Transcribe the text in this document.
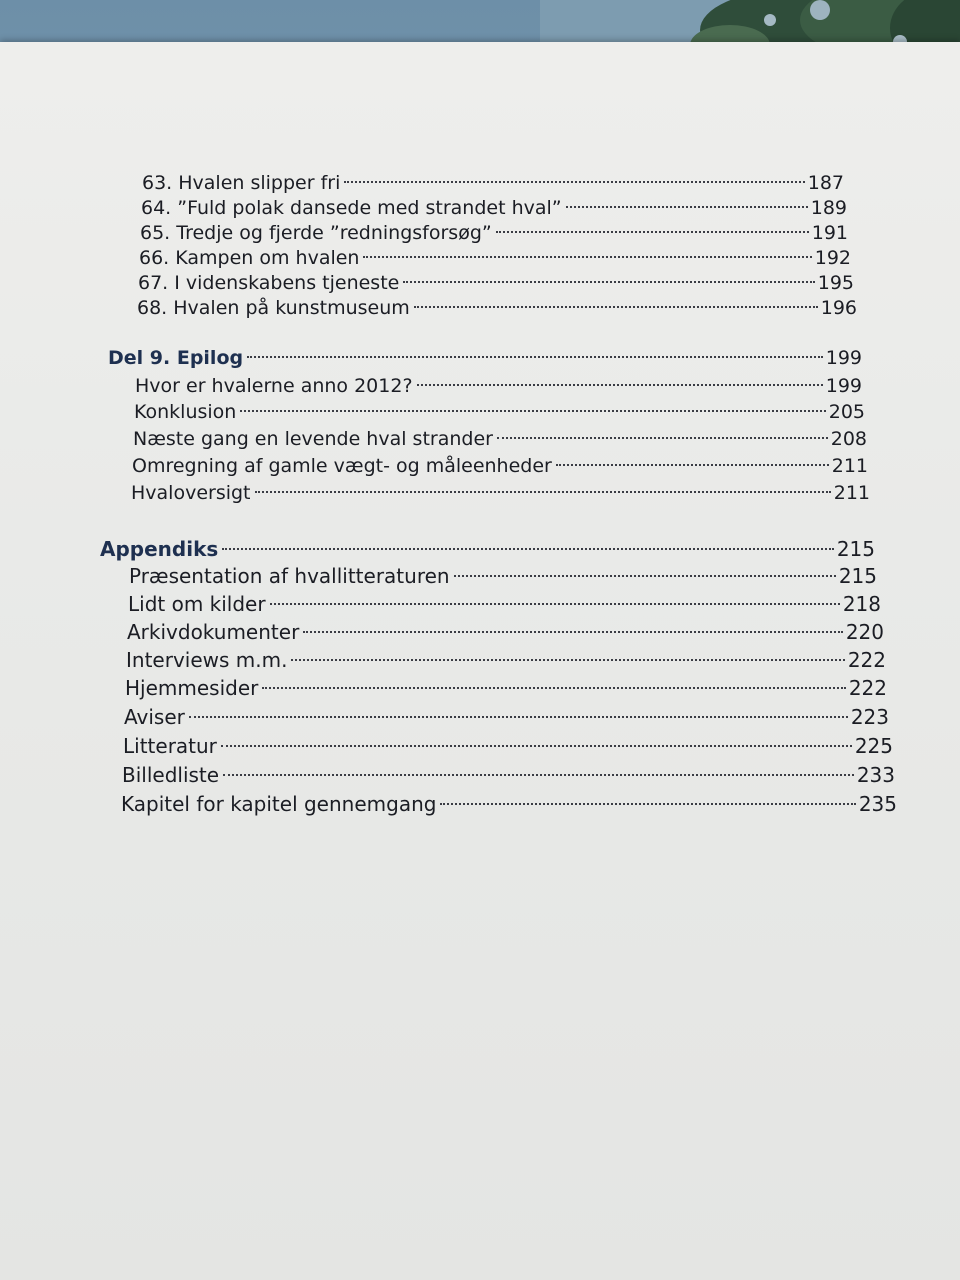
63. Hvalen slipper fri	187
64. ”Fuld polak dansede med strandet hval”	189
65. Tredje og fjerde ”redningsforsøg”	191
66. Kampen om hvalen	192
67. I videnskabens tjeneste	195
68. Hvalen på kunstmuseum	196
Del 9. Epilog	199
Hvor er hvalerne anno 2012?	199
Konklusion	205
Næste gang en levende hval strander	208
Omregning af gamle vægt- og måleenheder	211
Hvaloversigt	211
Appendiks	215
Præsentation af hvallitteraturen	215
Lidt om kilder	218
Arkivdokumenter	220
Interviews m.m.	222
Hjemmesider	222
Aviser	223
Litteratur	225
Billedliste	233
Kapitel for kapitel gennemgang	235
